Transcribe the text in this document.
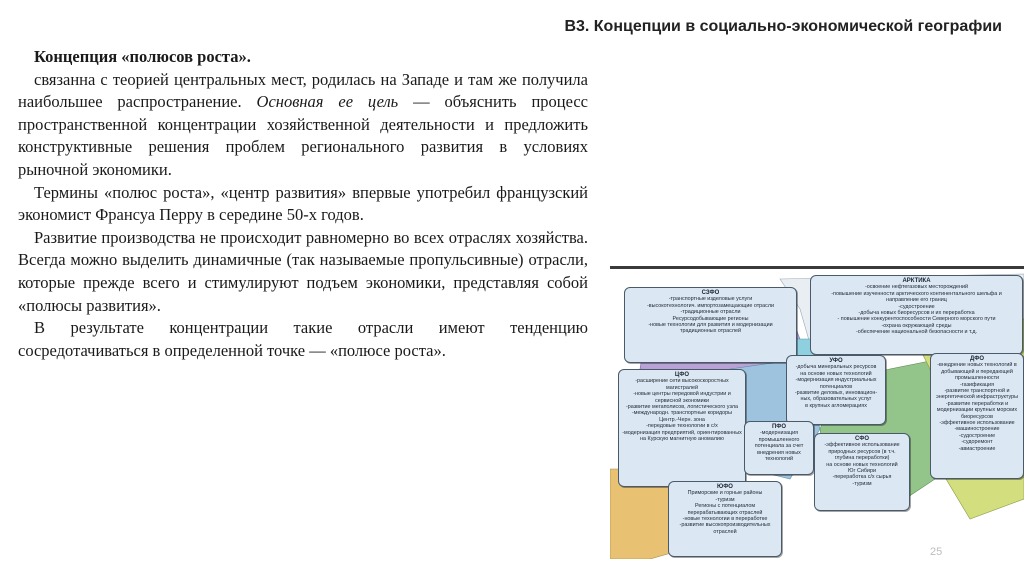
В3. Концепции в социально-экономической географии

Концепция «полюсов роста».

связанна с теорией центральных мест, родилась на Западе и там же получила наибольшее распространение. Основная ее цель — объяснить процесс пространственной концентрации хозяйственной деятельности и предложить конструктивные решения проблем регионального развития в условиях рыночной экономики.

Термины «полюс роста», «центр развития» впервые употребил французский экономист Франсуа Перру в середине 50-х годов.

Развитие производства не происходит равномерно во всех отраслях хозяйства. Всегда можно выделить динамичные (так называемые пропульсивные) отрасли, которые прежде всего и стимулируют подъем экономики, представляя собой «полюсы развития».

В результате концентрации такие отрасли имеют тенденцию сосредотачиваться в определенной точке — «полюсе роста».

СЗФО
-транспортные изделовые услуги
-высокотехнологич. импортозамещающие отрасли
-традиционные отрасли
Ресурсодобывающие регионы
-новые технологии для развития и модернизации
традиционных отраслей
АРКТИКА
-освоение нефтегазовых месторождений
-повышение изученности арктического континентального шельфа и
направление его границ
-судостроение
-добыча новых биоресурсов и их переработка
- повышение конкурентоспособности Северного морского пути
-охрана окружающей среды
-обеспечение национальной безопасности и т.д.
ЦФО
-расширение сети высокоскоростных магистралей
-новые центры передовой индустрии и сервисной экономики
-развитие мегаполисов, логистического узла
-международн. транспортные коридоры
Центр.-Черн. зона
-передовые технологии в с/х
-модернизация предприятий, ориентированных на Курскую магнитную аномалию
УФО
-добыча минеральных ресурсов
на основе новых технологий
-модернизация индустриальных
потенциалов
-развитие деловых, инновацион-
ных, образовательных услуг
в крупных агломерациях
ДФО
-внедрение новых технологий в добывающей и передающей промышленности
-газификация
-развитие транспортной и энергетической инфраструктуры
-развитие переработки и модернизации крупных морских биоресурсов
-эффективное использование
-машиностроение
-судостроение
-судоремонт
-авиастроение
ПФО
-модернизация
промышленного
потенциала за счет
внедрения новых
технологий
СФО
-эффективное использование
природных ресурсов (в т.ч.
глубина переработки)
на основе новых технологий
Юг Сибири
-переработка с/х сырья
-туризм
ЮФО
Приморские и горные районы
-туризм
Регионы с потенциалом
перерабатывающих отраслей
-новые технологии в переработке
-развитие высокопроизводительных
отраслей
25
